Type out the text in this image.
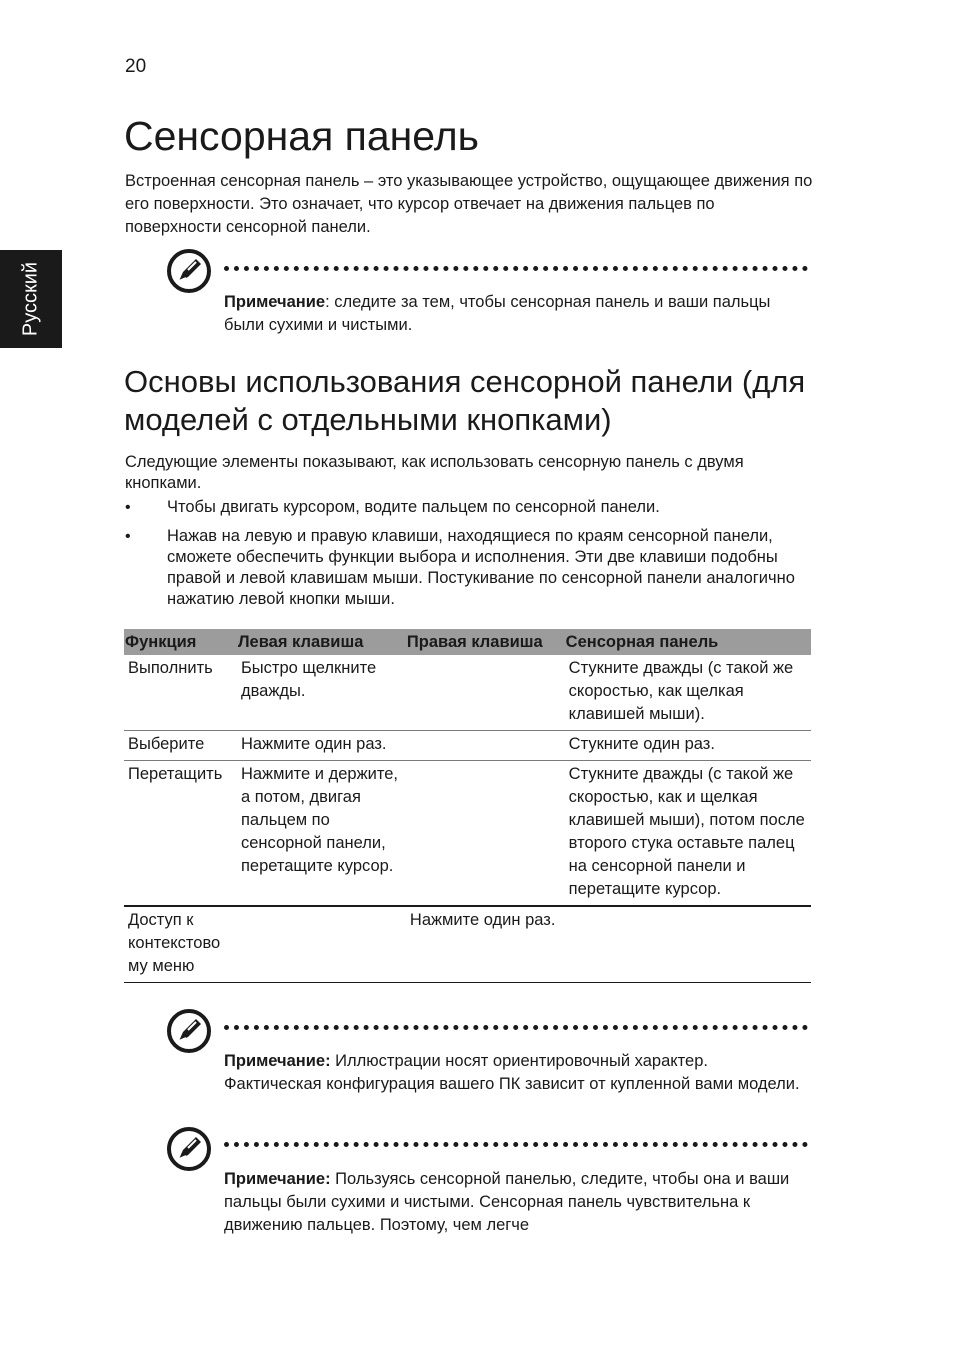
20
Русский
Сенсорная панель

Встроенная сенсорная панель – это указывающее устройство, ощущающее движения по его поверхности. Это означает, что курсор отвечает на движения пальцев по поверхности сенсорной панели.

Примечание: следите за тем, чтобы сенсорная панель и ваши пальцы были сухими и чистыми.

Основы использования сенсорной панели (для моделей с отдельными кнопками)

Следующие элементы показывают, как использовать сенсорную панель с двумя кнопками.

• Чтобы двигать курсором, водите пальцем по сенсорной панели.
• Нажав на левую и правую клавиши, находящиеся по краям сенсорной панели, сможете обеспечить функции выбора и исполнения. Эти две клавиши подобны правой и левой клавишам мыши. Постукивание по сенсорной панели аналогично нажатию левой кнопки мыши.
Функция	Левая клавиша	Правая клавиша	Сенсорная панель
Выполнить	Быстро щелкните дважды.		Стукните дважды (с такой же скоростью, как щелкая клавишей мыши).
Выберите	Нажмите один раз.		Стукните один раз.
Перетащить	Нажмите и держите, а потом, двигая пальцем по сенсорной панели, перетащите курсор.		Стукните дважды (с такой же скоростью, как и щелкая клавишей мыши), потом после второго стука оставьте палец на сенсорной панели и перетащите курсор.
Доступ к контекстово му меню		Нажмите один раз.	

Примечание: Иллюстрации носят ориентировочный характер. Фактическая конфигурация вашего ПК зависит от купленной вами модели.

Примечание: Пользуясь сенсорной панелью, следите, чтобы она и ваши пальцы были сухими и чистыми. Сенсорная панель чувствительна к движению пальцев. Поэтому, чем легче
